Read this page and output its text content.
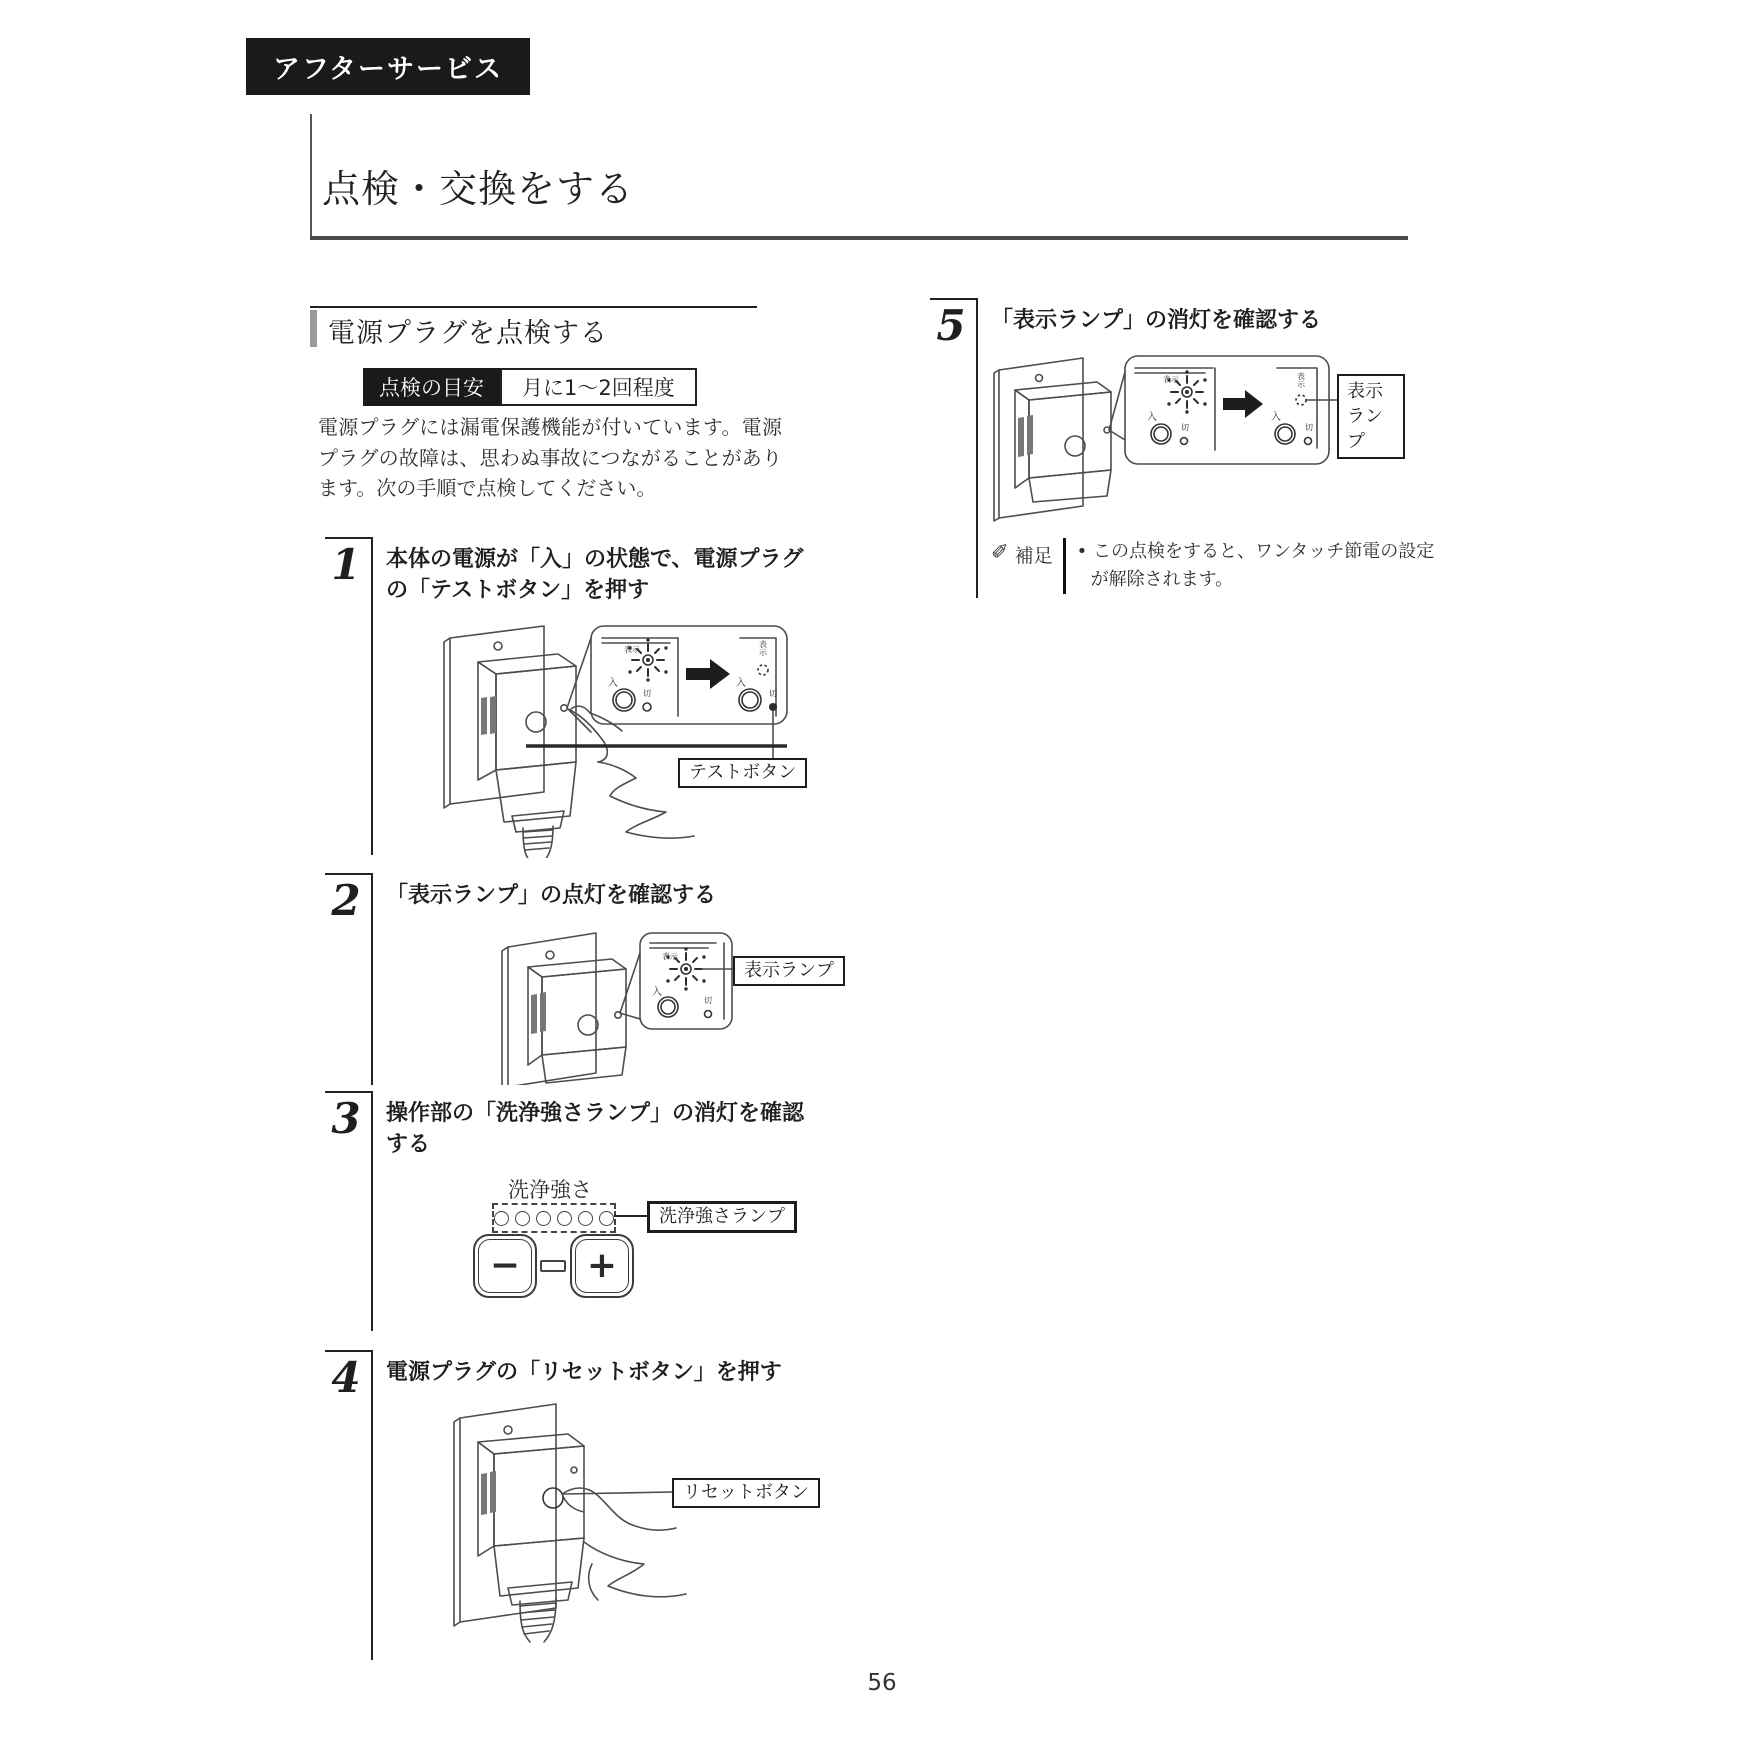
アフターサービス
点検・交換をする
電源プラグを点検する
点検の目安	月に1～2回程度

電源プラグには漏電保護機能が付いています。電源プラグの故障は、思わぬ事故につながることがあります。次の手順で点検してください。

1 本体の電源が「入」の状態で、電源プラグの「テストボタン」を押す
表示
入
切
表示
入
切
テストボタン
2 「表示ランプ」の点灯を確認する
表示
入
切
表示ランプ
3 操作部の「洗浄強さランプ」の消灯を確認する
洗浄強さ
洗浄強さランプ
− +
4 電源プラグの「リセットボタン」を押す
リセットボタン
5 「表示ランプ」の消灯を確認する
表示
入
切
表示
入
切
表示
ランプ
✐ 補足 • この点検をすると、ワンタッチ節電の設定が解除されます。

56
